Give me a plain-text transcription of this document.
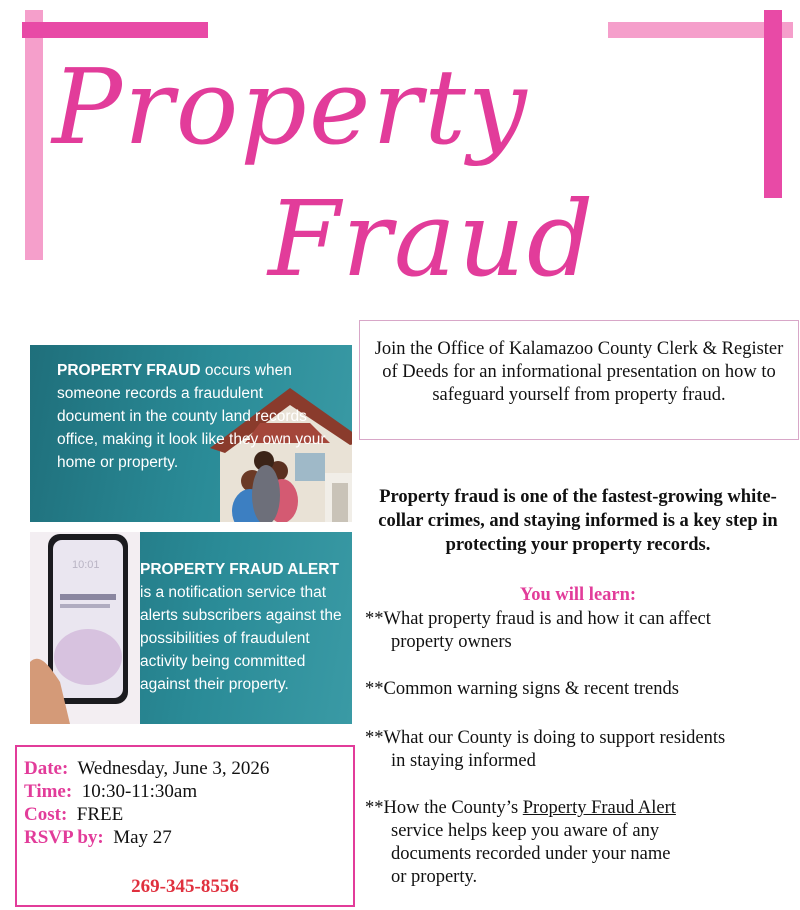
Property
Fraud
PROPERTY FRAUD occurs when someone records a fraudulent document in the county land records office, making it look like they own your home or property.
10:01	PROPERTY FRAUD ALERT is a notification service that alerts subscribers against the possibilities of fraudulent activity being committed against their property.
Join the Office of Kalamazoo County Clerk & Register of Deeds for an informational presentation on how to safeguard yourself from property fraud.
Property fraud is one of the fastest-growing white-collar crimes, and staying informed is a key step in protecting your property records.
You will learn:
**What property fraud is and how it can affect
property owners
**Common warning signs & recent trends
**What our County is doing to support residents
in staying informed
**How the County’s Property Fraud Alert
service helps keep you aware of any
documents recorded under your name
or property.
Date: Wednesday, June 3, 2026
Time: 10:30-11:30am
Cost: FREE
RSVP by: May 27
269-345-8556
